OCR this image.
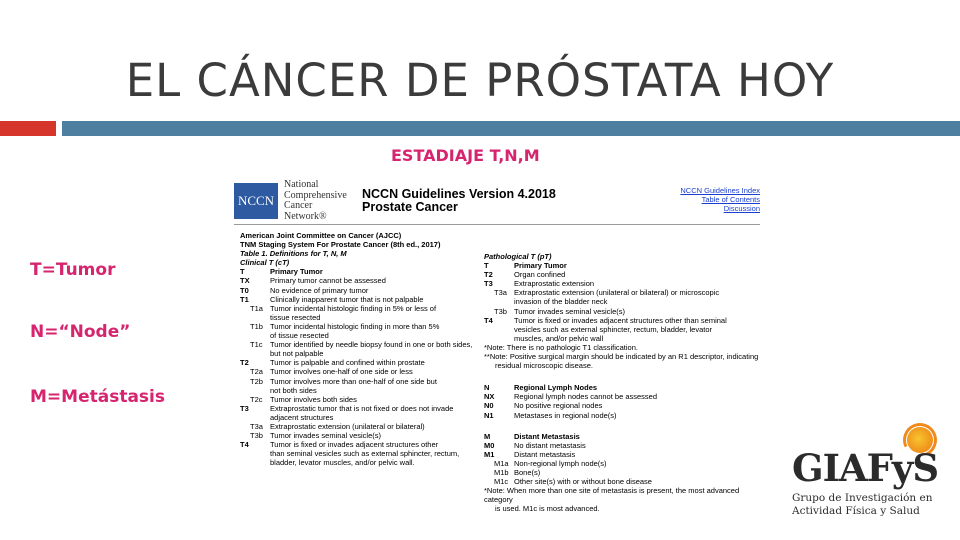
EL CÁNCER DE PRÓSTATA HOY
ESTADIAJE T,N,M
T=Tumor
N=“Node”
M=Metástasis
NCCN
National
Comprehensive
Cancer
Network®
NCCN Guidelines Version 4.2018
Prostate Cancer
NCCN Guidelines Index
Table of Contents
Discussion
American Joint Committee on Cancer (AJCC)
TNM Staging System For Prostate Cancer (8th ed., 2017)
Table 1. Definitions for T, N, M
Clinical T (cT)
T	Primary Tumor
TX	Primary tumor cannot be assessed
T0	No evidence of primary tumor
T1	Clinically inapparent tumor that is not palpable
T1a Tumor incidental histologic finding in 5% or less of
tissue resected
T1b Tumor incidental histologic finding in more than 5%
of tissue resected
T1c Tumor identified by needle biopsy found in one or both sides,
but not palpable
T2	Tumor is palpable and confined within prostate
T2a Tumor involves one-half of one side or less
T2b Tumor involves more than one-half of one side but
not both sides
T2c Tumor involves both sides
T3	Extraprostatic tumor that is not fixed or does not invade
adjacent structures
T3a Extraprostatic extension (unilateral or bilateral)
T3b Tumor invades seminal vesicle(s)
T4	Tumor is fixed or invades adjacent structures other
than seminal vesicles such as external sphincter, rectum,
bladder, levator muscles, and/or pelvic wall.
Pathological T (pT)
T	Primary Tumor
T2	Organ confined
T3	Extraprostatic extension
T3a Extraprostatic extension (unilateral or bilateral) or microscopic
invasion of the bladder neck
T3b Tumor invades seminal vesicle(s)
T4	Tumor is fixed or invades adjacent structures other than seminal
vesicles such as external sphincter, rectum, bladder, levator
muscles, and/or pelvic wall
*Note: There is no pathologic T1 classification.
**Note: Positive surgical margin should be indicated by an R1 descriptor, indicating
residual microscopic disease.
N	Regional Lymph Nodes
NX	Regional lymph nodes cannot be assessed
N0	No positive regional nodes
N1	Metastases in regional node(s)
M	Distant Metastasis
M0	No distant metastasis
M1	Distant metastasis
M1a Non-regional lymph node(s)
M1b Bone(s)
M1c Other site(s) with or without bone disease
*Note: When more than one site of metastasis is present, the most advanced category
is used. M1c is most advanced.
GIAFyS
Grupo de Investigación en
Actividad Física y Salud
